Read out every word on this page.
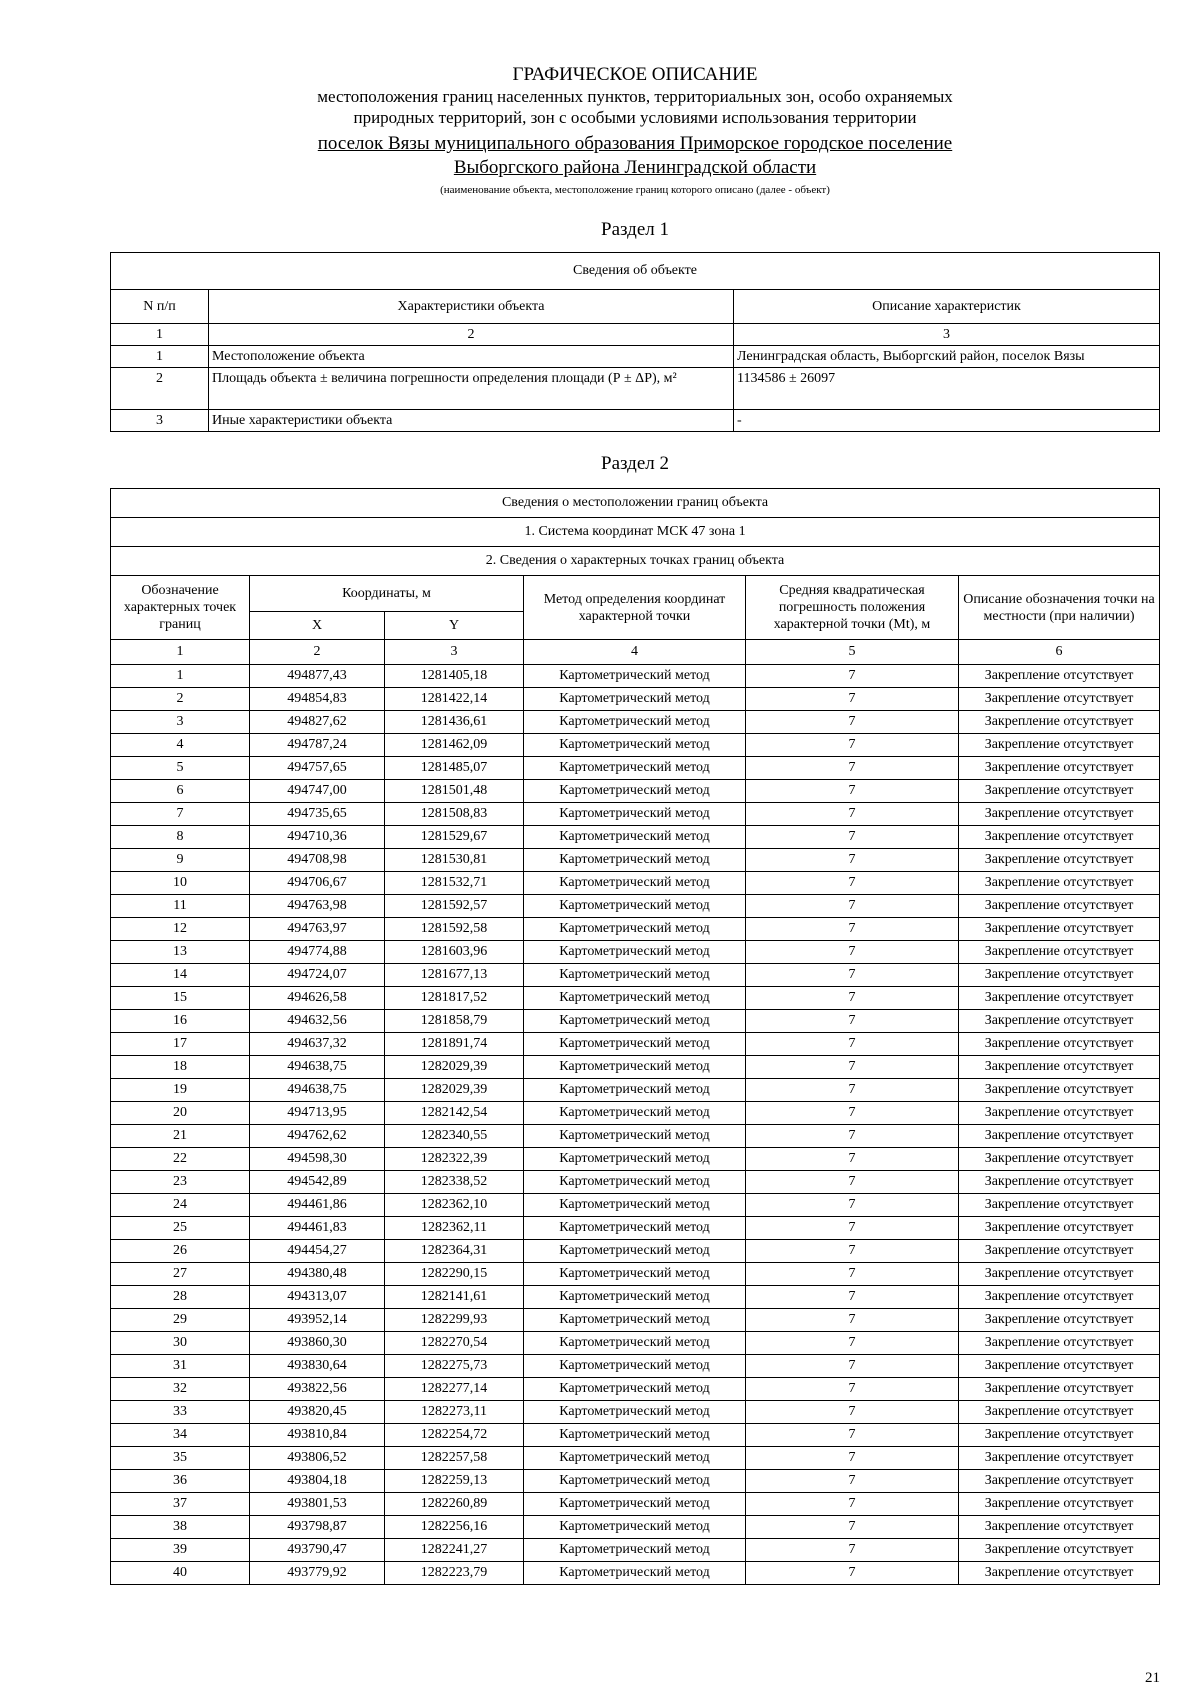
ГРАФИЧЕСКОЕ ОПИСАНИЕ
местоположения границ населенных пунктов, территориальных зон, особо охраняемых
природных территорий, зон с особыми условиями использования территории
поселок Вязы муниципального образования Приморское городское поселение
Выборгского района Ленинградской области
(наименование объекта, местоположение границ которого описано (далее - объект)
Раздел 1
Сведения об объекте		
N п/п	Характеристики объекта	Описание характеристик
1	2	3
1	Местоположение объекта	Ленинградская область, Выборгский район, поселок Вязы
2	Площадь объекта ± величина погрешности определения площади (Р ± ΔР), м²	1134586 ± 26097
3	Иные характеристики объекта	-
Раздел 2
Сведения о местоположении границ объекта					
1. Система координат МСК 47 зона 1					
2. Сведения о характерных точках границ объекта					
Обозначение характерных точек границ	Координаты, м		Метод определения координат характерной точки	Средняя квадратическая погрешность положения характерной точки (Mt), м	Описание обозначения точки на местности (при наличии)
	X	Y			
1	2	3	4	5	6
1	494877,43	1281405,18	Картометрический метод	7	Закрепление отсутствует
2	494854,83	1281422,14	Картометрический метод	7	Закрепление отсутствует
3	494827,62	1281436,61	Картометрический метод	7	Закрепление отсутствует
4	494787,24	1281462,09	Картометрический метод	7	Закрепление отсутствует
5	494757,65	1281485,07	Картометрический метод	7	Закрепление отсутствует
6	494747,00	1281501,48	Картометрический метод	7	Закрепление отсутствует
7	494735,65	1281508,83	Картометрический метод	7	Закрепление отсутствует
8	494710,36	1281529,67	Картометрический метод	7	Закрепление отсутствует
9	494708,98	1281530,81	Картометрический метод	7	Закрепление отсутствует
10	494706,67	1281532,71	Картометрический метод	7	Закрепление отсутствует
11	494763,98	1281592,57	Картометрический метод	7	Закрепление отсутствует
12	494763,97	1281592,58	Картометрический метод	7	Закрепление отсутствует
13	494774,88	1281603,96	Картометрический метод	7	Закрепление отсутствует
14	494724,07	1281677,13	Картометрический метод	7	Закрепление отсутствует
15	494626,58	1281817,52	Картометрический метод	7	Закрепление отсутствует
16	494632,56	1281858,79	Картометрический метод	7	Закрепление отсутствует
17	494637,32	1281891,74	Картометрический метод	7	Закрепление отсутствует
18	494638,75	1282029,39	Картометрический метод	7	Закрепление отсутствует
19	494638,75	1282029,39	Картометрический метод	7	Закрепление отсутствует
20	494713,95	1282142,54	Картометрический метод	7	Закрепление отсутствует
21	494762,62	1282340,55	Картометрический метод	7	Закрепление отсутствует
22	494598,30	1282322,39	Картометрический метод	7	Закрепление отсутствует
23	494542,89	1282338,52	Картометрический метод	7	Закрепление отсутствует
24	494461,86	1282362,10	Картометрический метод	7	Закрепление отсутствует
25	494461,83	1282362,11	Картометрический метод	7	Закрепление отсутствует
26	494454,27	1282364,31	Картометрический метод	7	Закрепление отсутствует
27	494380,48	1282290,15	Картометрический метод	7	Закрепление отсутствует
28	494313,07	1282141,61	Картометрический метод	7	Закрепление отсутствует
29	493952,14	1282299,93	Картометрический метод	7	Закрепление отсутствует
30	493860,30	1282270,54	Картометрический метод	7	Закрепление отсутствует
31	493830,64	1282275,73	Картометрический метод	7	Закрепление отсутствует
32	493822,56	1282277,14	Картометрический метод	7	Закрепление отсутствует
33	493820,45	1282273,11	Картометрический метод	7	Закрепление отсутствует
34	493810,84	1282254,72	Картометрический метод	7	Закрепление отсутствует
35	493806,52	1282257,58	Картометрический метод	7	Закрепление отсутствует
36	493804,18	1282259,13	Картометрический метод	7	Закрепление отсутствует
37	493801,53	1282260,89	Картометрический метод	7	Закрепление отсутствует
38	493798,87	1282256,16	Картометрический метод	7	Закрепление отсутствует
39	493790,47	1282241,27	Картометрический метод	7	Закрепление отсутствует
40	493779,92	1282223,79	Картометрический метод	7	Закрепление отсутствует
21
